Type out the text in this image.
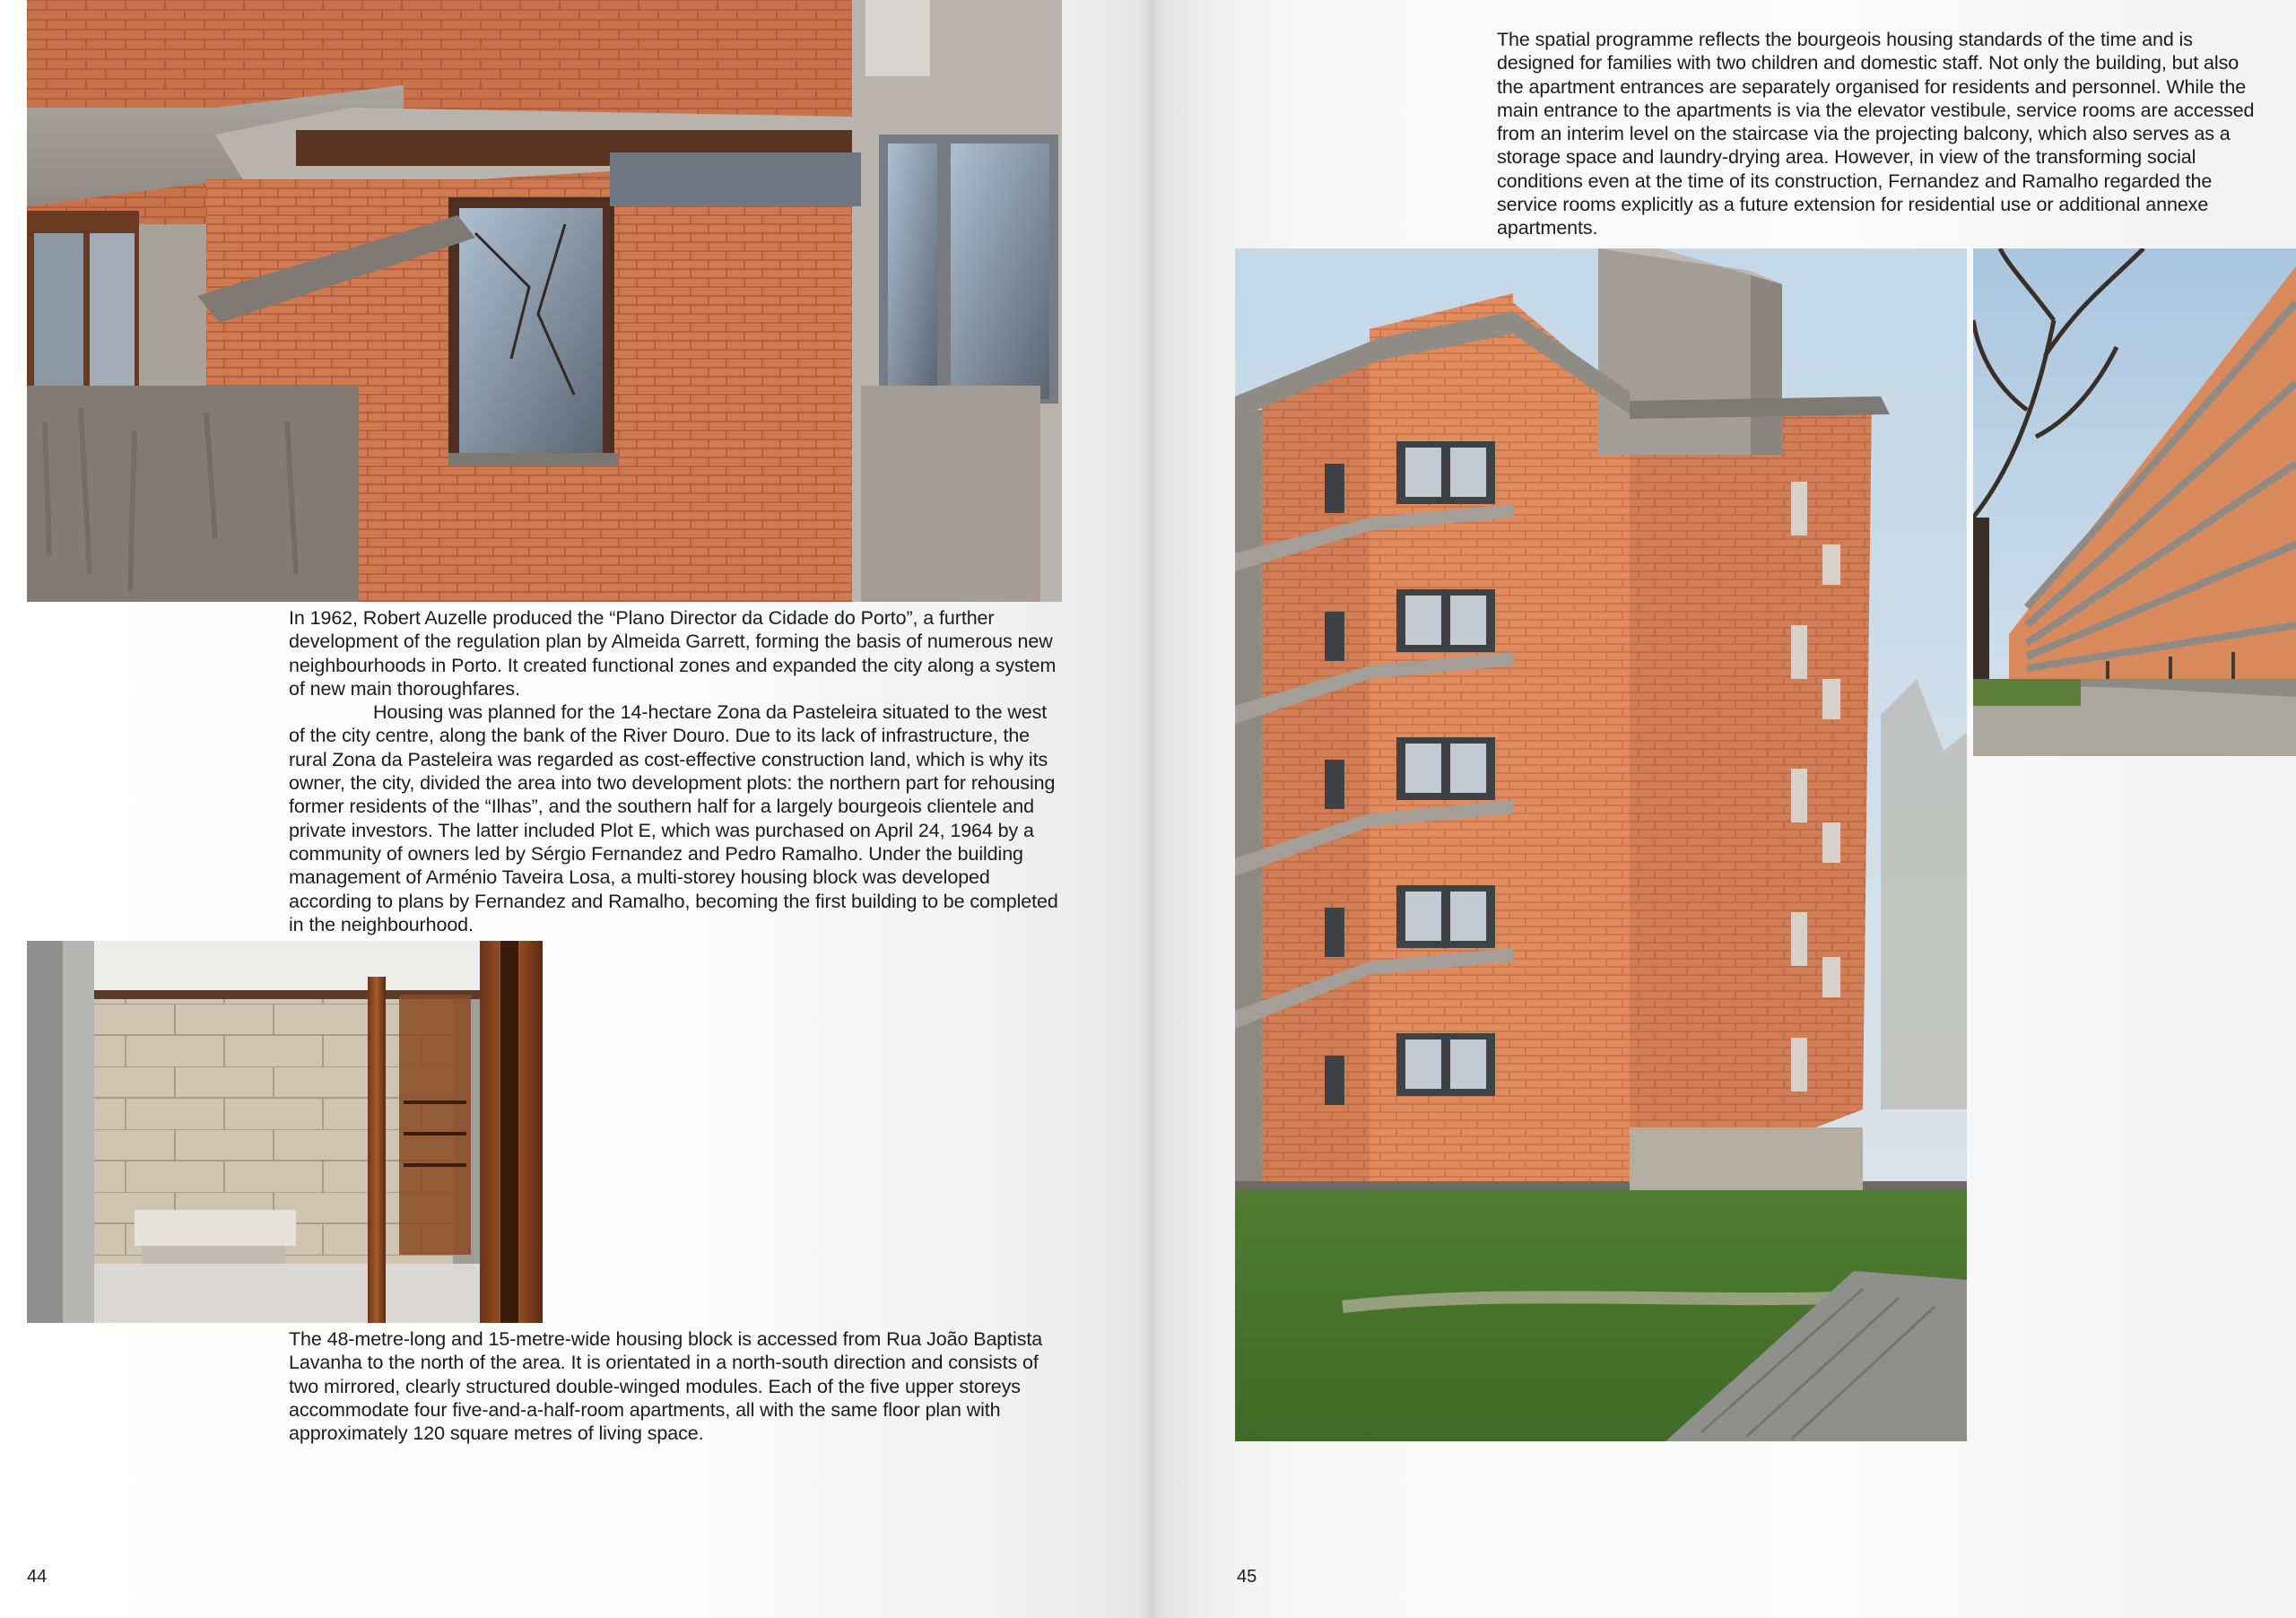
In 1962, Robert Auzelle produced the “Plano Director da Cidade do Porto”, a further development of the regulation plan by Almeida Garrett, forming the basis of numerous new neighbourhoods in Porto. It created functional zones and expanded the city along a system of new main thoroughfares.

Housing was planned for the 14-hectare Zona da Pasteleira situated to the west of the city centre, along the bank of the River Douro. Due to its lack of infrastructure, the rural Zona da Pasteleira was regarded as cost-effective construction land, which is why its owner, the city, divided the area into two development plots: the northern part for rehousing former residents of the “Ilhas”, and the southern half for a largely bourgeois clientele and private investors. The latter included Plot E, which was purchased on April 24, 1964 by a community of owners led by Sérgio Fernandez and Pedro Ramalho. Under the building management of Arménio Taveira Losa, a multi-storey housing block was developed according to plans by Fernandez and Ramalho, becoming the first building to be completed in the neighbourhood.

The 48-metre-long and 15-metre-wide housing block is accessed from Rua João Baptista Lavanha to the north of the area. It is orientated in a north-south direction and consists of two mirrored, clearly structured double-winged modules. Each of the five upper storeys accommodate four five-and-a-half-room apartments, all with the same floor plan with approximately 120 square metres of living space.

44

The spatial programme reflects the bourgeois housing standards of the time and is designed for families with two children and domestic staff. Not only the building, but also the apartment entrances are separately organised for residents and personnel. While the main entrance to the apartments is via the elevator vestibule, service rooms are accessed from an interim level on the staircase via the projecting balcony, which also serves as a storage space and laundry-drying area. However, in view of the transforming social conditions even at the time of its construction, Fernandez and Ramalho regarded the service rooms explicitly as a future extension for residential use or additional annexe apartments.

45
